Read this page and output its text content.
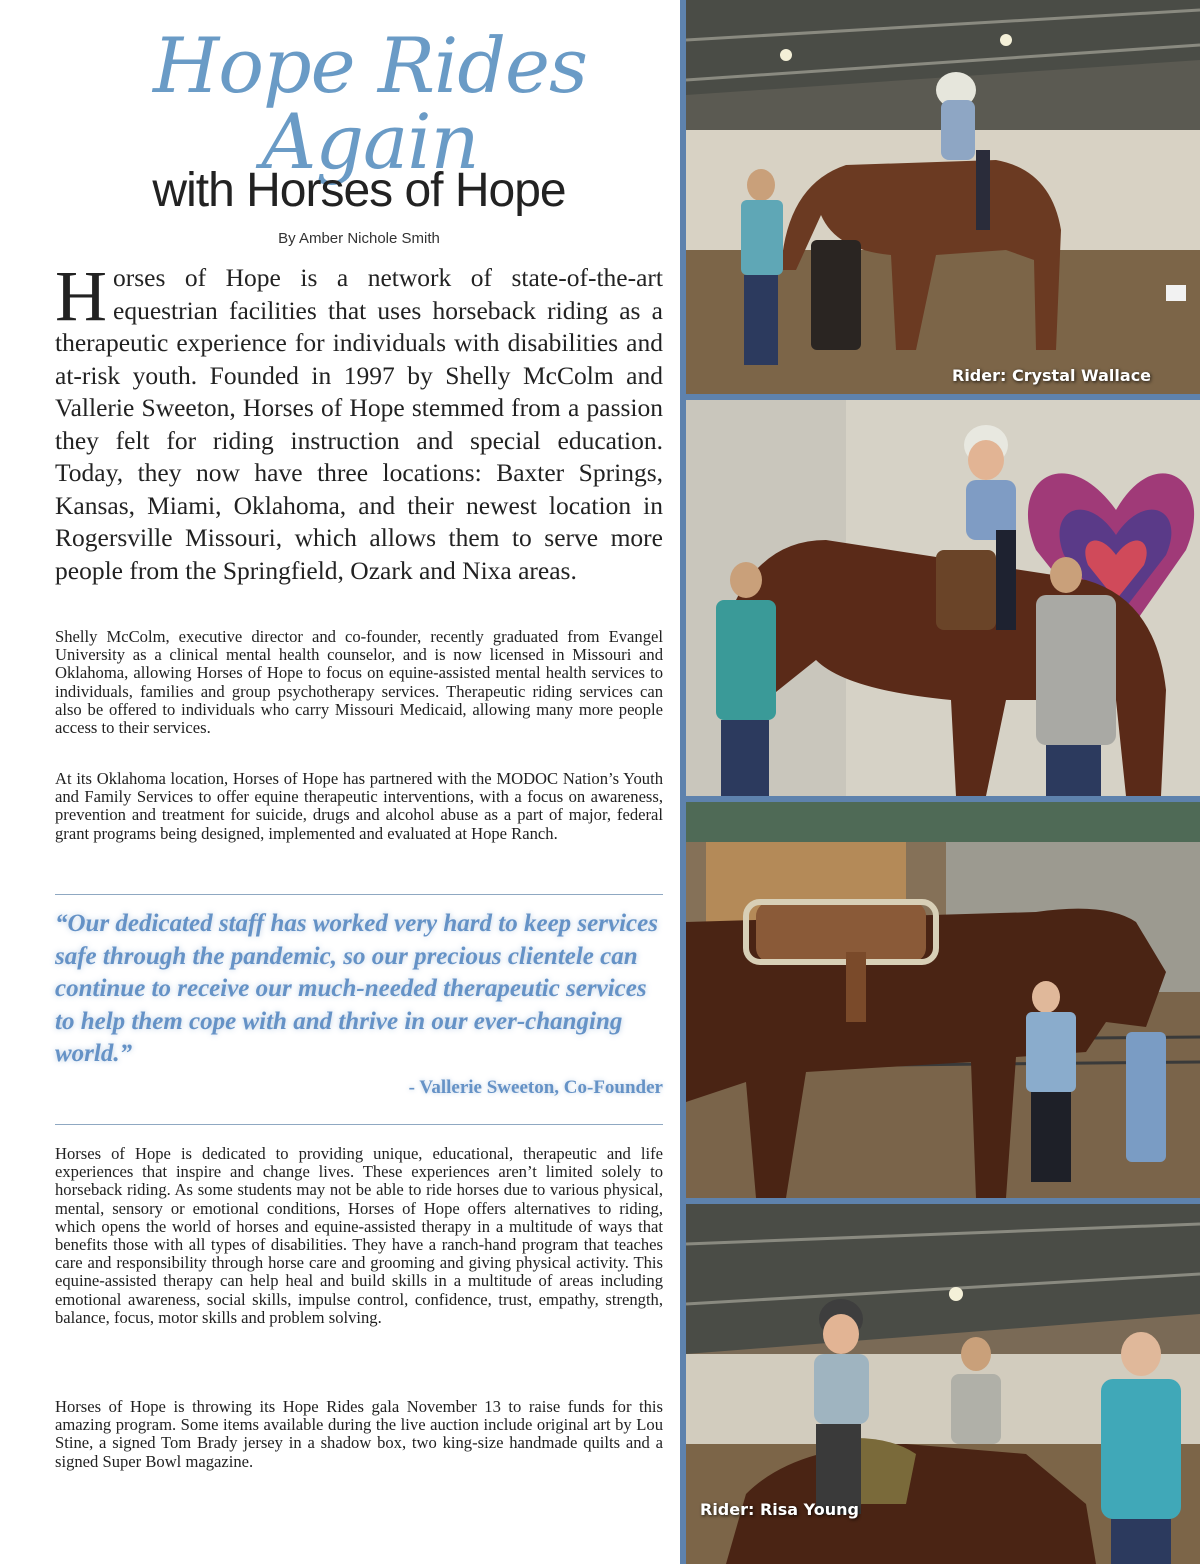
Hope Rides Again
with Horses of Hope
By Amber Nichole Smith

Horses of Hope is a network of state-of-the-art equestrian facilities that uses horseback riding as a therapeutic experience for individuals with disabilities and at-risk youth. Founded in 1997 by Shelly McColm and Vallerie Sweeton, Horses of Hope stemmed from a passion they felt for riding instruction and special education. Today, they now have three locations: Baxter Springs, Kansas, Miami, Oklahoma, and their newest location in Rogersville Missouri, which allows them to serve more people from the Springfield, Ozark and Nixa areas.

Shelly McColm, executive director and co-founder, recently graduated from Evangel University as a clinical mental health counselor, and is now licensed in Missouri and Oklahoma, allowing Horses of Hope to focus on equine-assisted mental health services to individuals, families and group psychotherapy services. Therapeutic riding services can also be offered to individuals who carry Missouri Medicaid, allowing many more people access to their services.

At its Oklahoma location, Horses of Hope has partnered with the MODOC Nation’s Youth and Family Services to offer equine therapeutic interventions, with a focus on awareness, prevention and treatment for suicide, drugs and alcohol abuse as a part of major, federal grant programs being designed, implemented and evaluated at Hope Ranch.

“Our dedicated staff has worked very hard to keep services safe through the pandemic, so our precious clientele can continue to receive our much-needed therapeutic services to help them cope with and thrive in our ever-changing world.”

- Vallerie Sweeton, Co-Founder

Horses of Hope is dedicated to providing unique, educational, therapeutic and life experiences that inspire and change lives. These experiences aren’t limited solely to horseback riding. As some students may not be able to ride horses due to various physical, mental, sensory or emotional conditions, Horses of Hope offers alternatives to riding, which opens the world of horses and equine-assisted therapy in a multitude of ways that benefits those with all types of disabilities. They have a ranch-hand program that teaches care and responsibility through horse care and grooming and giving physical activity. This equine-assisted therapy can help heal and build skills in a multitude of areas including emotional awareness, social skills, impulse control, confidence, trust, empathy, strength, balance, focus, motor skills and problem solving.

Horses of Hope is throwing its Hope Rides gala November 13 to raise funds for this amazing program. Some items available during the live auction include original art by Lou Stine, a signed Tom Brady jersey in a shadow box, two king-size handmade quilts and a signed Super Bowl magazine.

Rider: Crystal Wallace
Rider: Risa Young
